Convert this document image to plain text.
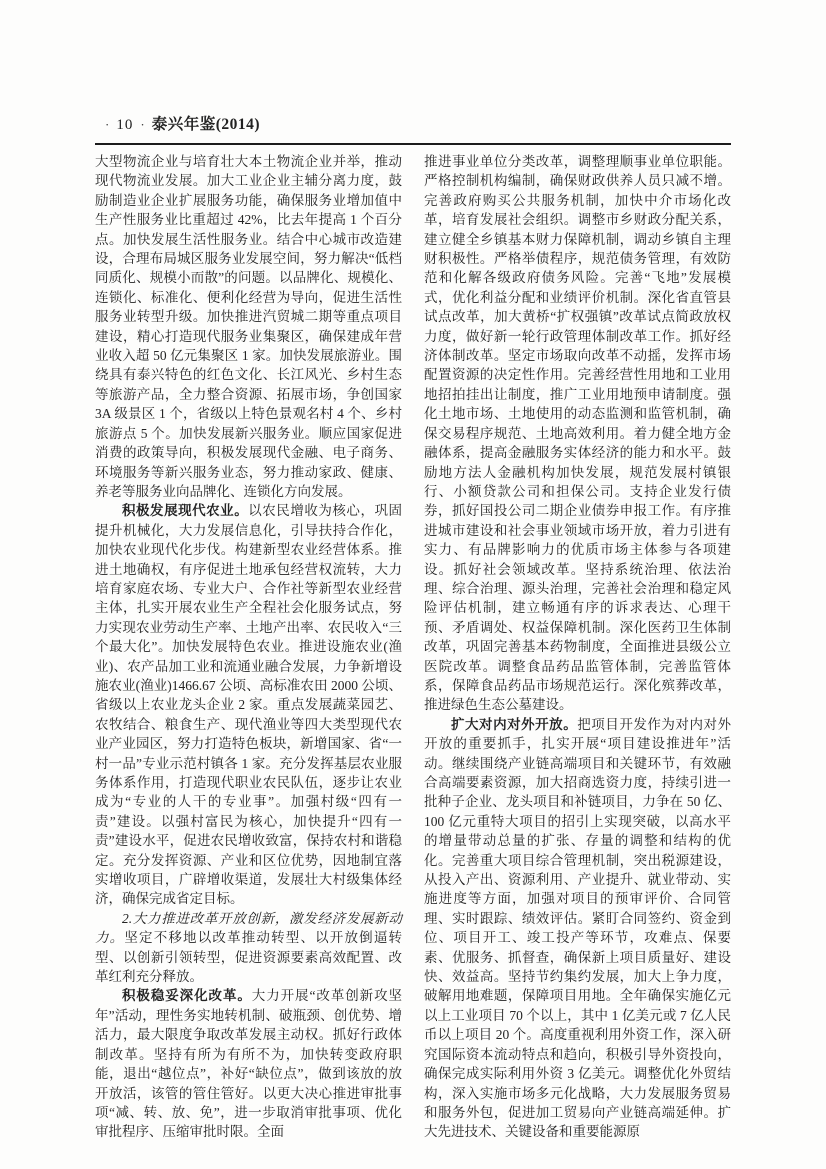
· 10 · 泰兴年鉴(2014)

大型物流企业与培育壮大本土物流企业并举，推动现代物流业发展。加大工业企业主辅分离力度，鼓励制造业企业扩展服务功能，确保服务业增加值中生产性服务业比重超过 42%，比去年提高 1 个百分点。加快发展生活性服务业。结合中心城市改造建设，合理布局城区服务业发展空间，努力解决“低档同质化、规模小而散”的问题。以品牌化、规模化、连锁化、标准化、便利化经营为导向，促进生活性服务业转型升级。加快推进汽贸城二期等重点项目建设，精心打造现代服务业集聚区，确保建成年营业收入超 50 亿元集聚区 1 家。加快发展旅游业。围绕具有泰兴特色的红色文化、长江风光、乡村生态等旅游产品，全力整合资源、拓展市场，争创国家 3A 级景区 1 个，省级以上特色景观名村 4 个、乡村旅游点 5 个。加快发展新兴服务业。顺应国家促进消费的政策导向，积极发展现代金融、电子商务、环境服务等新兴服务业态，努力推动家政、健康、养老等服务业向品牌化、连锁化方向发展。

积极发展现代农业。以农民增收为核心，巩固提升机械化，大力发展信息化，引导扶持合作化，加快农业现代化步伐。构建新型农业经营体系。推进土地确权，有序促进土地承包经营权流转，大力培育家庭农场、专业大户、合作社等新型农业经营主体，扎实开展农业生产全程社会化服务试点，努力实现农业劳动生产率、土地产出率、农民收入“三个最大化”。加快发展特色农业。推进设施农业(渔业)、农产品加工业和流通业融合发展，力争新增设施农业(渔业)1466.67 公顷、高标准农田 2000 公顷、省级以上农业龙头企业 2 家。重点发展蔬菜园艺、农牧结合、粮食生产、现代渔业等四大类型现代农业产业园区，努力打造特色板块，新增国家、省“一村一品”专业示范村镇各 1 家。充分发挥基层农业服务体系作用，打造现代职业农民队伍，逐步让农业成为“专业的人干的专业事”。加强村级“四有一责”建设。以强村富民为核心，加快提升“四有一责”建设水平，促进农民增收致富，保持农村和谐稳定。充分发挥资源、产业和区位优势，因地制宜落实增收项目，广辟增收渠道，发展壮大村级集体经济，确保完成省定目标。

2.大力推进改革开放创新，激发经济发展新动力。坚定不移地以改革推动转型、以开放倒逼转型、以创新引领转型，促进资源要素高效配置、改革红利充分释放。

积极稳妥深化改革。大力开展“改革创新攻坚年”活动，理性务实地转机制、破瓶颈、创优势、增活力，最大限度争取改革发展主动权。抓好行政体制改革。坚持有所为有所不为，加快转变政府职能，退出“越位点”，补好“缺位点”，做到该放的放开放活，该管的管住管好。以更大决心推进审批事项“减、转、放、免”，进一步取消审批事项、优化审批程序、压缩审批时限。全面

推进事业单位分类改革，调整理顺事业单位职能。严格控制机构编制，确保财政供养人员只减不增。完善政府购买公共服务机制，加快中介市场化改革，培育发展社会组织。调整市乡财政分配关系，建立健全乡镇基本财力保障机制，调动乡镇自主理财积极性。严格举债程序，规范债务管理，有效防范和化解各级政府债务风险。完善“飞地”发展模式，优化利益分配和业绩评价机制。深化省直管县试点改革，加大黄桥“扩权强镇”改革试点简政放权力度，做好新一轮行政管理体制改革工作。抓好经济体制改革。坚定市场取向改革不动摇，发挥市场配置资源的决定性作用。完善经营性用地和工业用地招拍挂出让制度，推广工业用地预申请制度。强化土地市场、土地使用的动态监测和监管机制，确保交易程序规范、土地高效利用。着力健全地方金融体系，提高金融服务实体经济的能力和水平。鼓励地方法人金融机构加快发展，规范发展村镇银行、小额贷款公司和担保公司。支持企业发行债券，抓好国投公司二期企业债券申报工作。有序推进城市建设和社会事业领域市场开放，着力引进有实力、有品牌影响力的优质市场主体参与各项建设。抓好社会领域改革。坚持系统治理、依法治理、综合治理、源头治理，完善社会治理和稳定风险评估机制，建立畅通有序的诉求表达、心理干预、矛盾调处、权益保障机制。深化医药卫生体制改革，巩固完善基本药物制度，全面推进县级公立医院改革。调整食品药品监管体制，完善监管体系，保障食品药品市场规范运行。深化殡葬改革，推进绿色生态公墓建设。

扩大对内对外开放。把项目开发作为对内对外开放的重要抓手，扎实开展“项目建设推进年”活动。继续围绕产业链高端项目和关键环节，有效融合高端要素资源，加大招商选资力度，持续引进一批种子企业、龙头项目和补链项目，力争在 50 亿、100 亿元重特大项目的招引上实现突破，以高水平的增量带动总量的扩张、存量的调整和结构的优化。完善重大项目综合管理机制，突出税源建设，从投入产出、资源利用、产业提升、就业带动、实施进度等方面，加强对项目的预审评价、合同管理、实时跟踪、绩效评估。紧盯合同签约、资金到位、项目开工、竣工投产等环节，攻难点、保要素、优服务、抓督查，确保新上项目质量好、建设快、效益高。坚持节约集约发展，加大上争力度，破解用地难题，保障项目用地。全年确保实施亿元以上工业项目 70 个以上，其中 1 亿美元或 7 亿人民币以上项目 20 个。高度重视利用外资工作，深入研究国际资本流动特点和趋向，积极引导外资投向，确保完成实际利用外资 3 亿美元。调整优化外贸结构，深入实施市场多元化战略，大力发展服务贸易和服务外包，促进加工贸易向产业链高端延伸。扩大先进技术、关键设备和重要能源原
